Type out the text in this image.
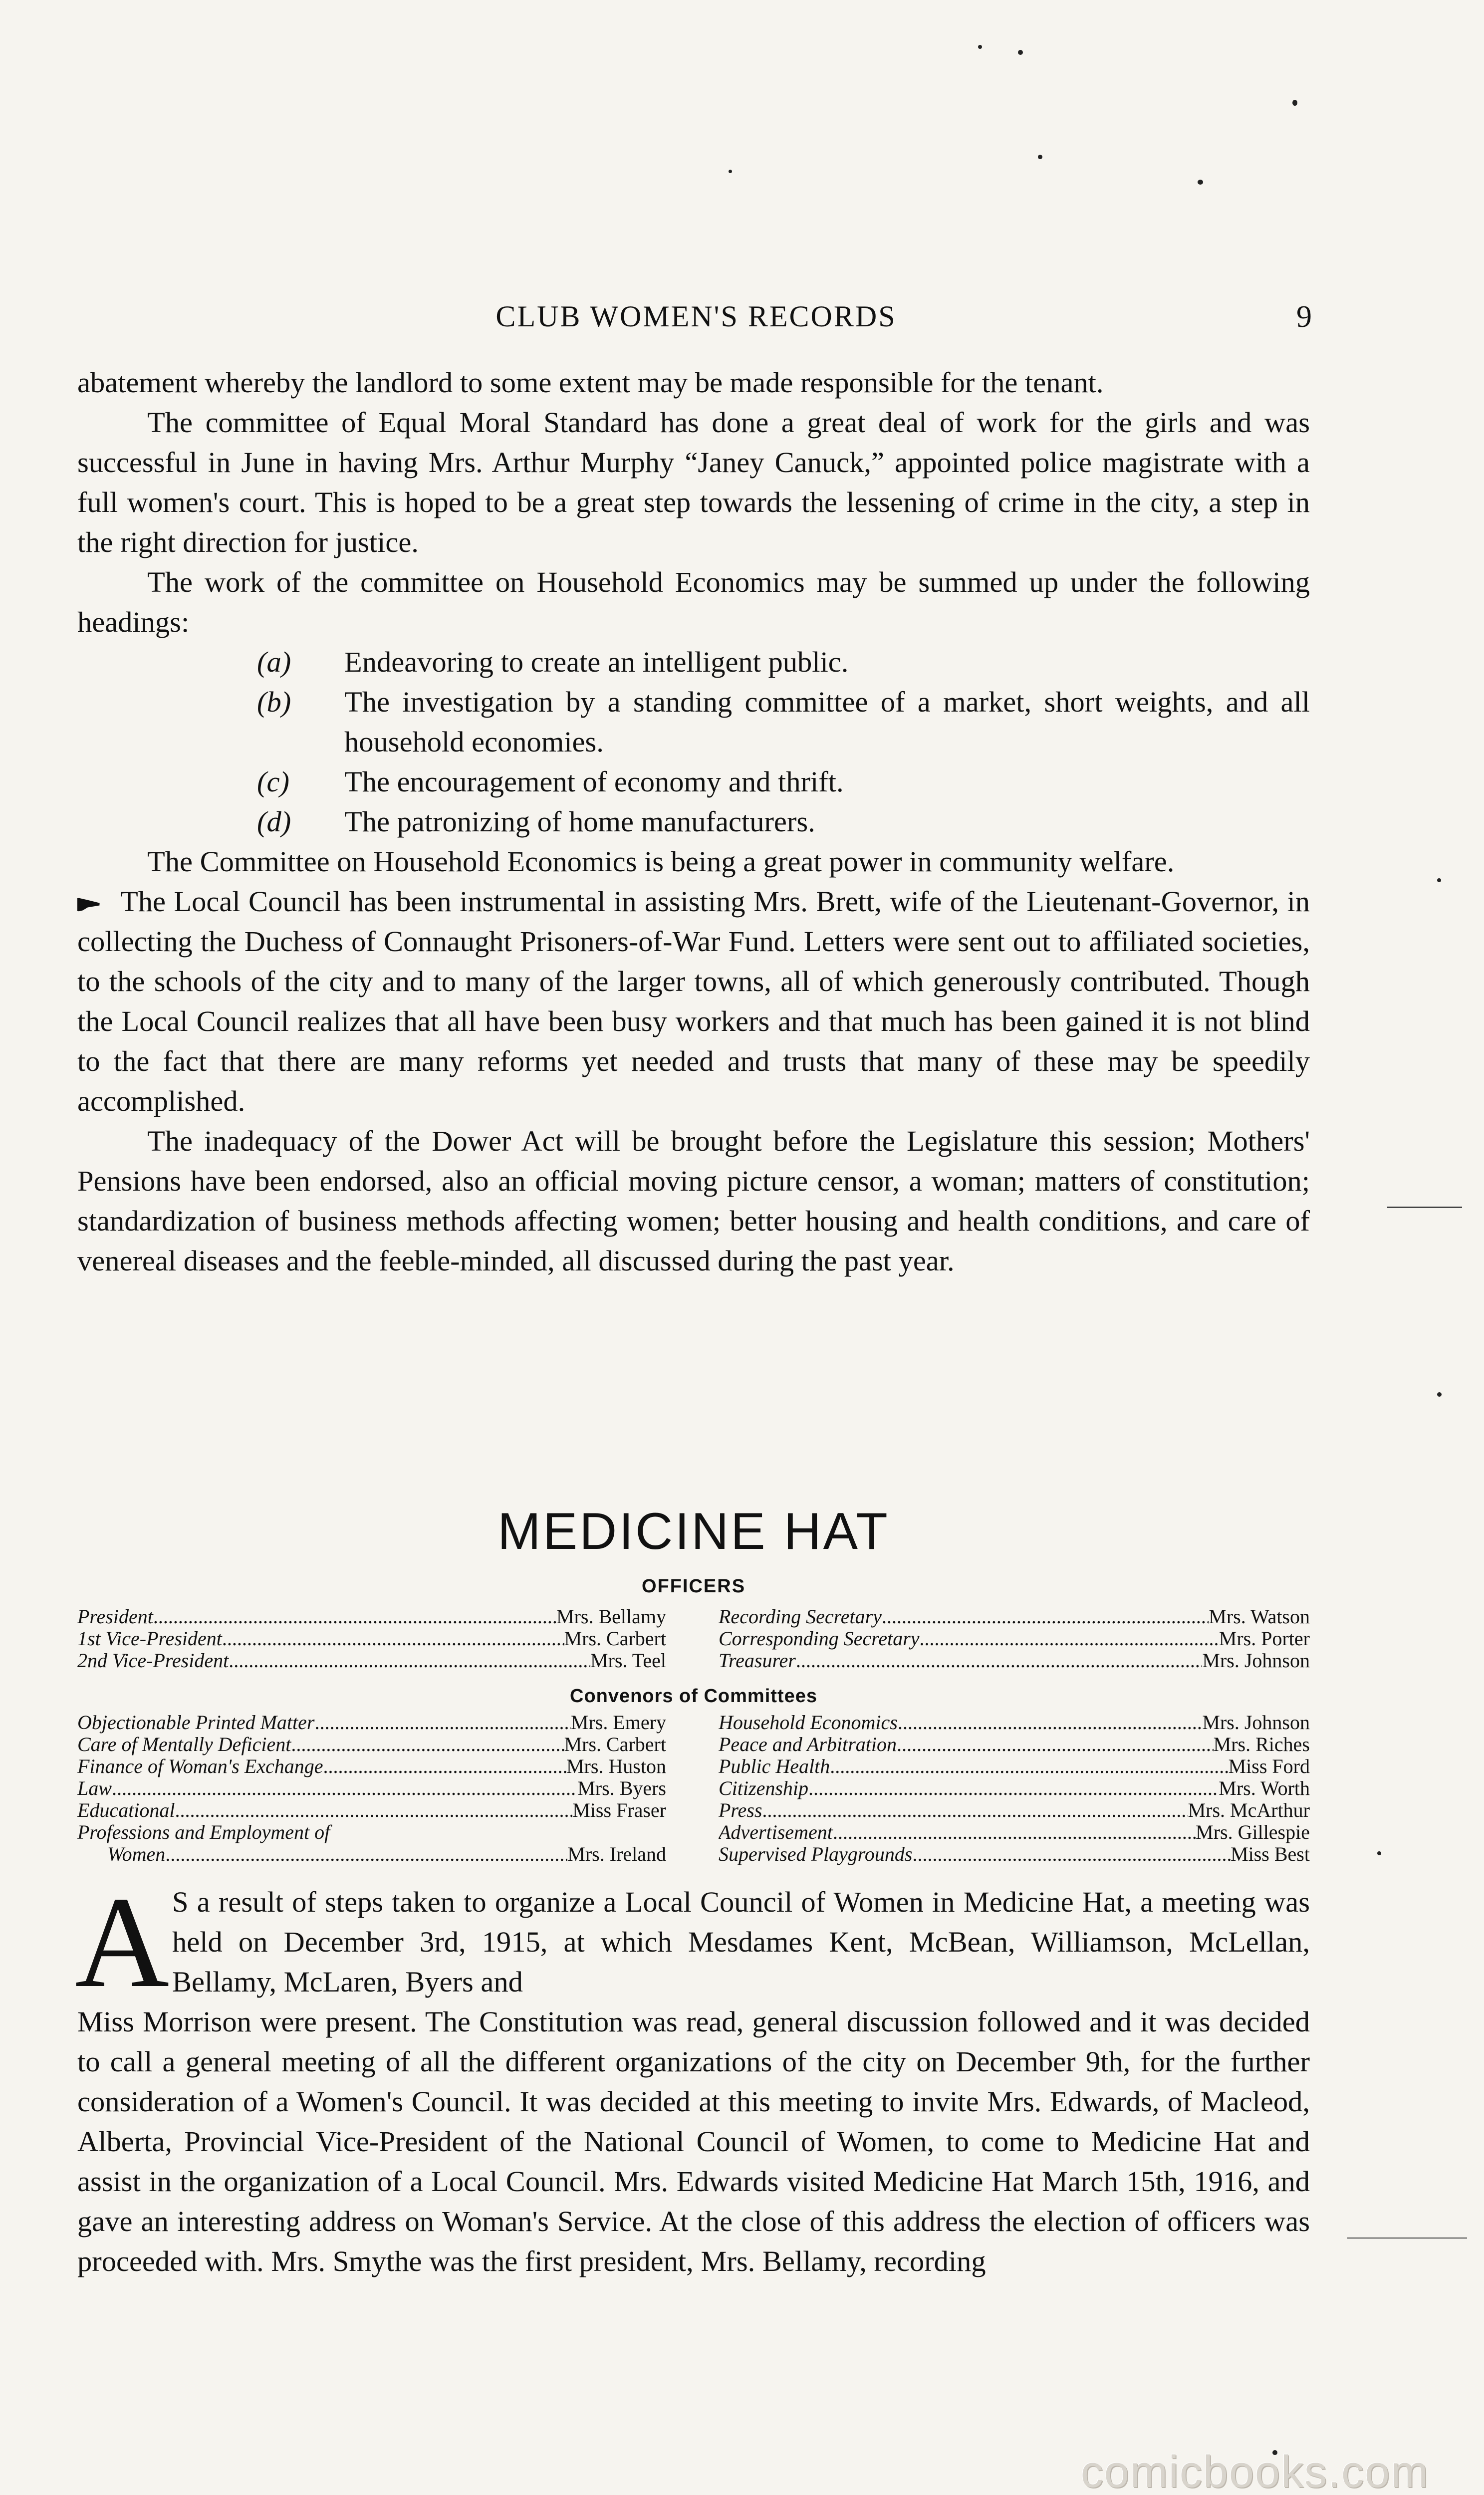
CLUB WOMEN'S RECORDS	9

abatement whereby the landlord to some extent may be made responsible for the tenant.

The committee of Equal Moral Standard has done a great deal of work for the girls and was successful in June in having Mrs. Arthur Murphy “Janey Canuck,” appointed police magistrate with a full women's court. This is hoped to be a great step towards the lessening of crime in the city, a step in the right direction for justice.

The work of the committee on Household Economics may be summed up under the following headings:

(a)	Endeavoring to create an intelligent public.
(b)	The investigation by a standing committee of a market, short weights, and all household economies.
(c)	The encouragement of economy and thrift.
(d)	The patronizing of home manufacturers.

The Committee on Household Economics is being a great power in community welfare.

The Local Council has been instrumental in assisting Mrs. Brett, wife of the Lieutenant-Governor, in collecting the Duchess of Connaught Prisoners-of-War Fund. Letters were sent out to affiliated societies, to the schools of the city and to many of the larger towns, all of which generously contributed. Though the Local Council realizes that all have been busy workers and that much has been gained it is not blind to the fact that there are many reforms yet needed and trusts that many of these may be speedily accomplished.

The inadequacy of the Dower Act will be brought before the Legislature this session; Mothers' Pensions have been endorsed, also an official moving picture censor, a woman; matters of constitution; standardization of business methods affecting women; better housing and health conditions, and care of venereal diseases and the feeble-minded, all discussed during the past year.

MEDICINE HAT
OFFICERS
President . . .	Mrs. Bellamy
1st Vice-President . . .	Mrs. Carbert
2nd Vice-President . . .	Mrs. Teel
Recording Secretary . . .	Mrs. Watson
Corresponding Secretary . . .	Mrs. Porter
Treasurer . . .	Mrs. Johnson
Convenors of Committees
Objectionable Printed Matter . . .	Mrs. Emery
Care of Mentally Deficient . . .	Mrs. Carbert
Finance of Woman's Exchange . . .	Mrs. Huston
Law . . .	Mrs. Byers
Educational . . .	Miss Fraser
Professions and Employment of
Women . . .	Mrs. Ireland
Household Economics . . .	Mrs. Johnson
Peace and Arbitration . . .	Mrs. Riches
Public Health . . .	Miss Ford
Citizenship . . .	Mrs. Worth
Press . . .	Mrs. McArthur
Advertisement . . .	Mrs. Gillespie
Supervised Playgrounds . . .	Miss Best
A S a result of steps taken to organize a Local Council of Women in Medicine Hat, a meeting was held on December 3rd, 1915, at which Mesdames Kent, McBean, Williamson, McLellan, Bellamy, McLaren, Byers and

Miss Morrison were present. The Constitution was read, general discussion followed and it was decided to call a general meeting of all the different organizations of the city on December 9th, for the further consideration of a Women's Council. It was decided at this meeting to invite Mrs. Edwards, of Macleod, Alberta, Provincial Vice-President of the National Council of Women, to come to Medicine Hat and assist in the organization of a Local Council. Mrs. Edwards visited Medicine Hat March 15th, 1916, and gave an interesting address on Woman's Service. At the close of this address the election of officers was proceeded with. Mrs. Smythe was the first president, Mrs. Bellamy, recording

comicbooks.com
